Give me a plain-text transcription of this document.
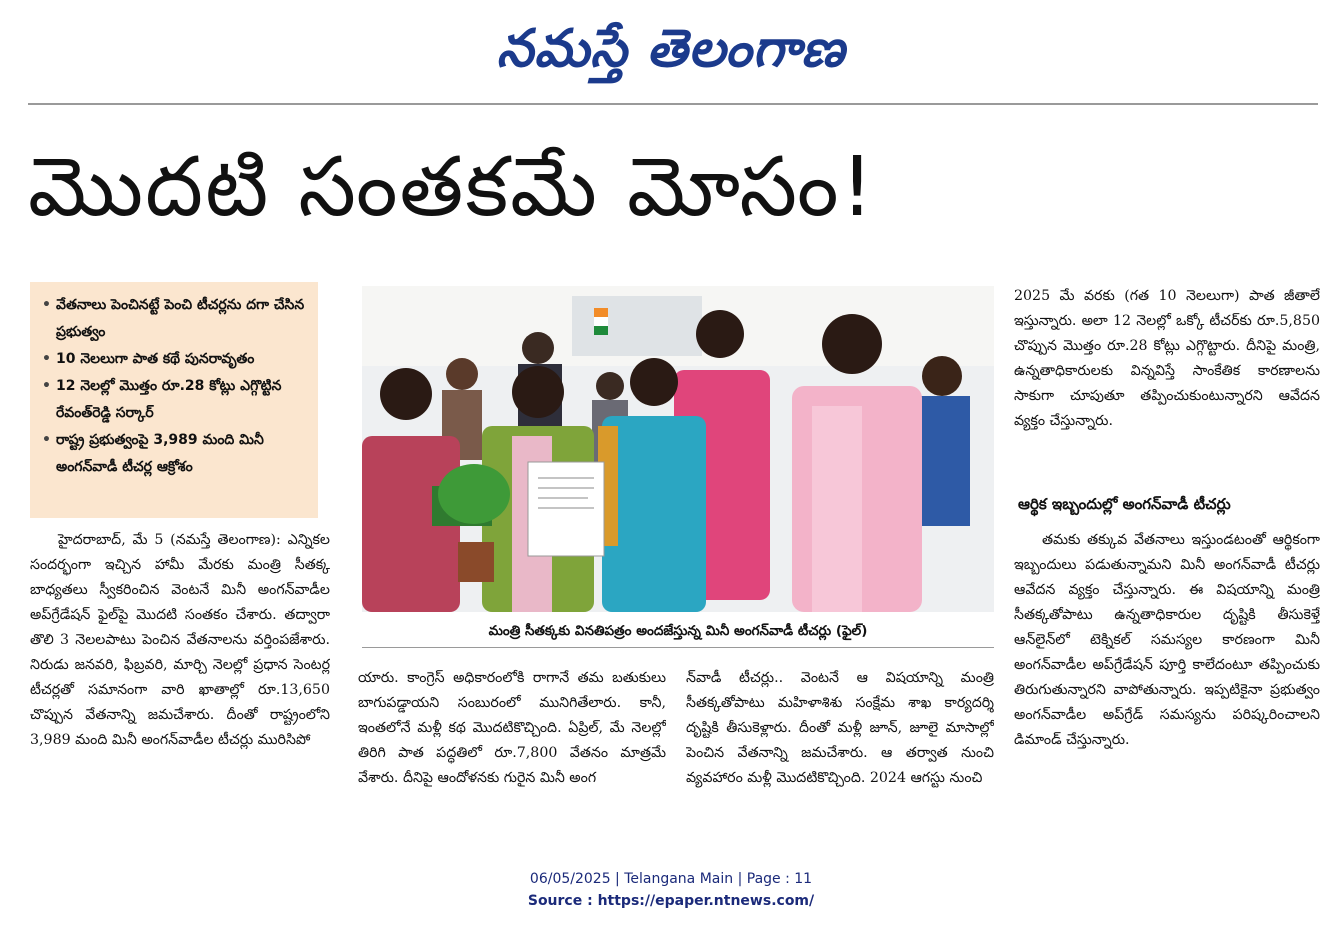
నమస్తే తెలంగాణ
మొదటి సంతకమే మోసం!
• వేతనాలు పెంచినట్టే పెంచి టీచర్లను దగా చేసిన ప్రభుత్వం
• 10 నెలలుగా పాత కథే పునరావృతం
• 12 నెలల్లో మొత్తం రూ.28 కోట్లు ఎగ్గొట్టిన రేవంత్‌రెడ్డి సర్కార్
• రాష్ట్ర ప్రభుత్వంపై 3,989 మంది మినీ అంగన్‌వాడీ టీచర్ల ఆక్రోశం
మంత్రి సీతక్కకు వినతిపత్రం అందజేస్తున్న మినీ అంగన్‌వాడీ టీచర్లు (ఫైల్)

హైదరాబాద్, మే 5 (నమస్తే తెలంగాణ): ఎన్నికల సందర్భంగా ఇచ్చిన హామీ మేరకు మంత్రి సీతక్క బాధ్యతలు స్వీకరించిన వెంటనే మినీ అంగన్‌వాడీల అప్‌గ్రేడేషన్ ఫైల్‌పై మొదటి సంతకం చేశారు. తద్వారా తొలి 3 నెలలపాటు పెంచిన వేతనాలను వర్తింపజేశారు. నిరుడు జనవరి, ఫిబ్రవరి, మార్చి నెలల్లో ప్రధాన సెంటర్ల టీచర్లతో సమానంగా వారి ఖాతాల్లో రూ.13,650 చొప్పున వేతనాన్ని జమచేశారు. దీంతో రాష్ట్రంలోని 3,989 మంది మినీ అంగన్‌వాడీల టీచర్లు మురిసిపో

యారు. కాంగ్రెస్ అధికారంలోకి రాగానే తమ బతుకులు బాగుపడ్డాయని సంబురంలో మునిగితేలారు. కానీ, ఇంతలోనే మళ్లీ కథ మొదటికొచ్చింది. ఏప్రిల్, మే నెలల్లో తిరిగి పాత పద్ధతిలో రూ.7,800 వేతనం మాత్రమే వేశారు. దీనిపై ఆందోళనకు గురైన మినీ అంగ

న్‌వాడీ టీచర్లు.. వెంటనే ఆ విషయాన్ని మంత్రి సీతక్కతోపాటు మహిళాశిశు సంక్షేమ శాఖ కార్యదర్శి దృష్టికి తీసుకెళ్లారు. దీంతో మళ్లీ జూన్, జూలై మాసాల్లో పెంచిన వేతనాన్ని జమచేశారు. ఆ తర్వాత నుంచి వ్యవహారం మళ్లీ మొదటికొచ్చింది. 2024 ఆగస్టు నుంచి

2025 మే వరకు (గత 10 నెలలుగా) పాత జీతాలే ఇస్తున్నారు. అలా 12 నెలల్లో ఒక్కో టీచర్‌కు రూ.5,850 చొప్పున మొత్తం రూ.28 కోట్లు ఎగ్గొట్టారు. దీనిపై మంత్రి, ఉన్నతాధికారులకు విన్నవిస్తే సాంకేతిక కారణాలను సాకుగా చూపుతూ తప్పించుకుంటున్నారని ఆవేదన వ్యక్తం చేస్తున్నారు.

ఆర్థిక ఇబ్బందుల్లో అంగన్‌వాడీ టీచర్లు

తమకు తక్కువ వేతనాలు ఇస్తుండటంతో ఆర్థికంగా ఇబ్బందులు పడుతున్నామని మినీ అంగన్‌వాడీ టీచర్లు ఆవేదన వ్యక్తం చేస్తున్నారు. ఈ విషయాన్ని మంత్రి సీతక్కతోపాటు ఉన్నతాధికారుల దృష్టికి తీసుకెళ్తే ఆన్‌లైన్‌లో టెక్నికల్ సమస్యల కారణంగా మినీ అంగన్‌వాడీల అప్‌గ్రేడేషన్ పూర్తి కాలేదంటూ తప్పించుకు తిరుగుతున్నారని వాపోతున్నారు. ఇప్పటికైనా ప్రభుత్వం అంగన్‌వాడీల అప్‌గ్రేడ్ సమస్యను పరిష్కరించాలని డిమాండ్ చేస్తున్నారు.

06/05/2025 | Telangana Main | Page : 11
Source : https://epaper.ntnews.com/
